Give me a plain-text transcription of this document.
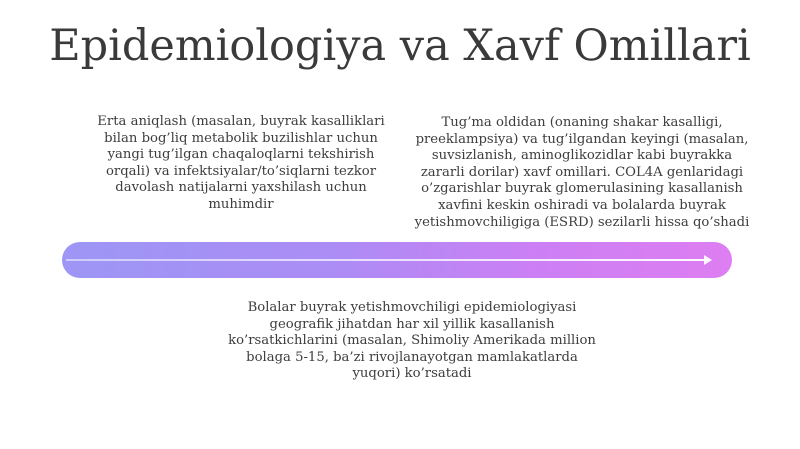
Epidemiologiya va Xavf Omillari
Erta aniqlash (masalan, buyrak kasalliklari bilan bog’liq metabolik buzilishlar uchun yangi tug’ilgan chaqaloqlarni tekshirish orqali) va infektsiyalar/to’siqlarni tezkor davolash natijalarni yaxshilash uchun muhimdir
Tug’ma oldidan (onaning shakar kasalligi, preeklampsiya) va tug’ilgandan keyingi (masalan, suvsizlanish, aminoglikozidlar kabi buyrakka zararli dorilar) xavf omillari. COL4A genlaridagi o’zgarishlar buyrak glomerulasining kasallanish xavfini keskin oshiradi va bolalarda buyrak yetishmovchiligiga (ESRD) sezilarli hissa qo’shadi
Bolalar buyrak yetishmovchiligi epidemiologiyasi geografik jihatdan har xil yillik kasallanish ko’rsatkichlarini (masalan, Shimoliy Amerikada million bolaga 5-15, ba’zi rivojlanayotgan mamlakatlarda yuqori) ko’rsatadi
